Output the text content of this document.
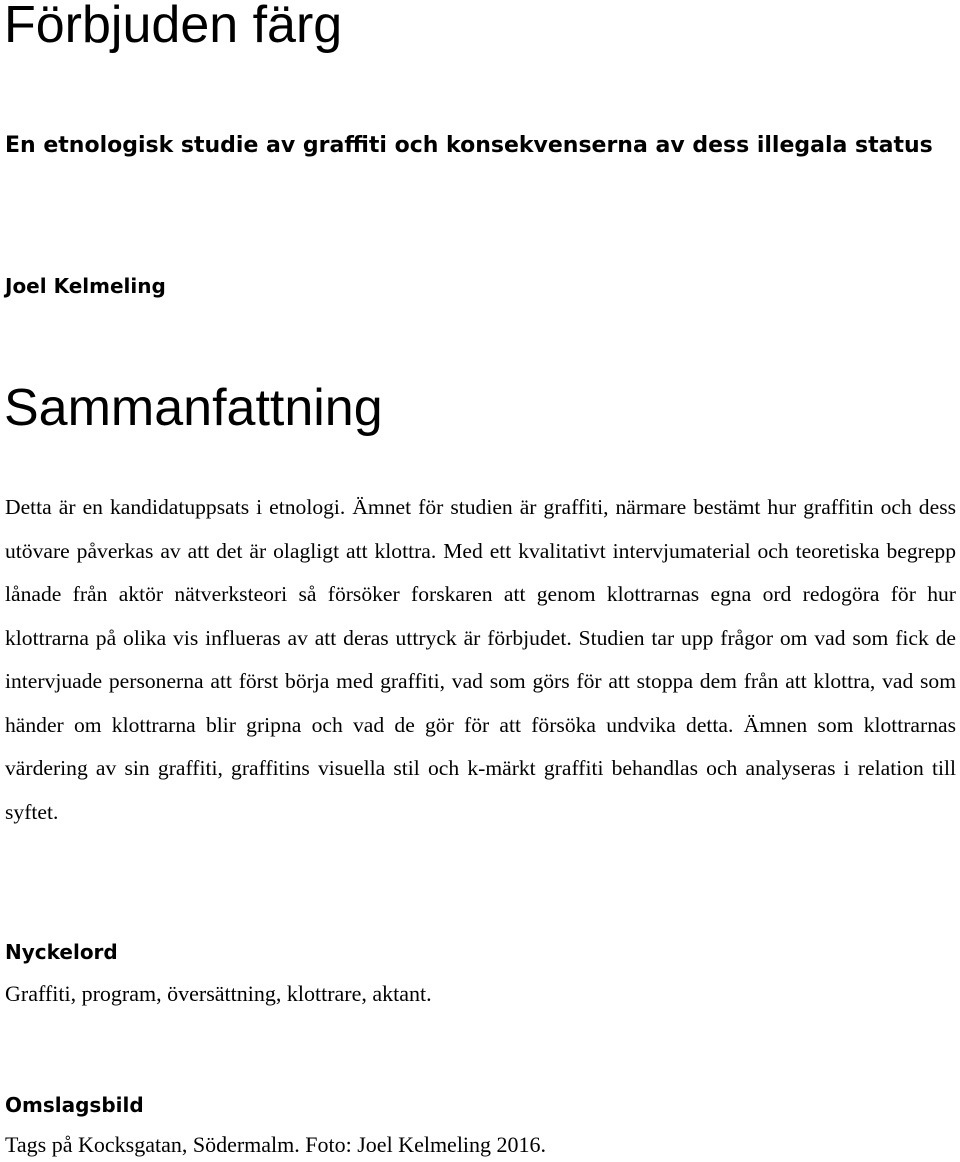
Förbjuden färg

En etnologisk studie av graffiti och konsekvenserna av dess illegala status

Joel Kelmeling

Sammanfattning

Detta är en kandidatuppsats i etnologi. Ämnet för studien är graffiti, närmare bestämt hur graffitin och dess utövare påverkas av att det är olagligt att klottra. Med ett kvalitativt intervjumaterial och teoretiska begrepp lånade från aktör nätverksteori så försöker forskaren att genom klottrarnas egna ord redogöra för hur klottrarna på olika vis influeras av att deras uttryck är förbjudet. Studien tar upp frågor om vad som fick de intervjuade personerna att först börja med graffiti, vad som görs för att stoppa dem från att klottra, vad som händer om klottrarna blir gripna och vad de gör för att försöka undvika detta. Ämnen som klottrarnas värdering av sin graffiti, graffitins visuella stil och k-märkt graffiti behandlas och analyseras i relation till syftet.

Nyckelord

Graffiti, program, översättning, klottrare, aktant.

Omslagsbild

Tags på Kocksgatan, Södermalm. Foto: Joel Kelmeling 2016.
